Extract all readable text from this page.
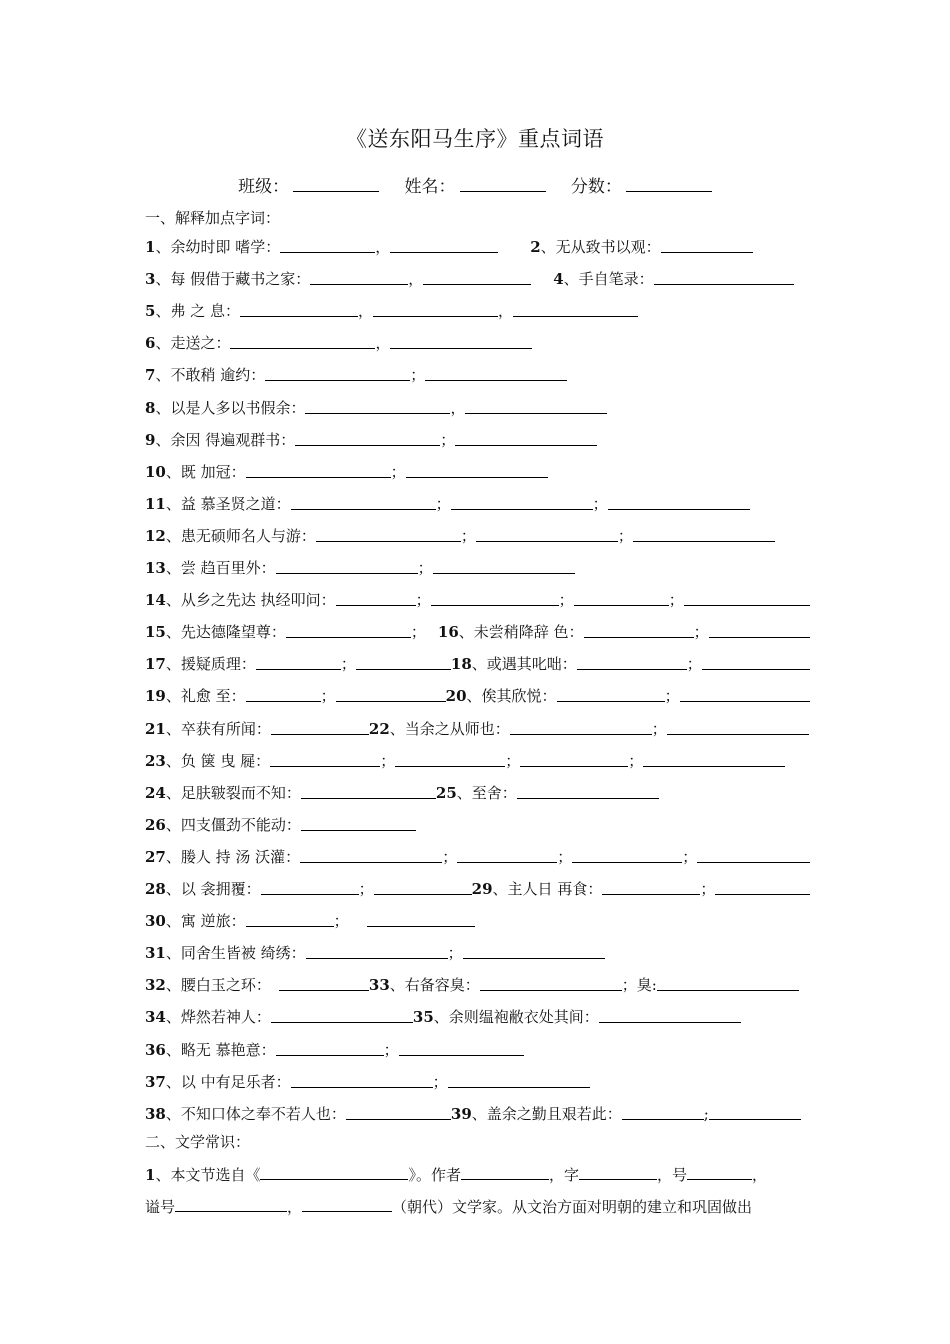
《送东阳马生序》重点词语
班级：	姓名：	分数：
一、解释加点字词：
1、余幼时即 嗜学：	，	2、无从致书以观：
3、每 假借于藏书之家：	，	4、手自笔录：
5、弗 之 息：	，	，
6、走送之：	，
7、不敢稍 逾约：	；
8、以是人多以书假余：	，
9、余因 得遍观群书：	；
10、既 加冠：	；
11、益 慕圣贤之道：	；	；
12、患无硕师名人与游：	；	；
13、尝 趋百里外：	；
14、从乡之先达 执经叩问：	；	；	；
15、先达德隆望尊：	； 16、未尝稍降辞 色：	；
17、援疑质理：	；	18、或遇其叱咄：	；
19、礼愈 至：	；	20、俟其欣悦：	；
21、卒获有所闻：	22、当余之从师也：	；
23、负 箧 曳 屣：	；	；	；
24、足肤皲裂而不知：	25、至舍：
26、四支僵劲不能动：
27、媵人 持 汤 沃灌：	；	；	；
28、以 衾拥覆：	；	29、主人日 再食：	；
30、寓 逆旅：	；
31、同舍生皆被 绮绣：	；
32、腰白玉之环：	33、右备容臭：	；臭:
34、烨然若神人：	35、余则缊袍敝衣处其间：
36、略无 慕艳意：	；
37、以 中有足乐者：	；
38、不知口体之奉不若人也：	39、盖余之勤且艰若此：	;
二、文学常识：
1、本文节选自《	》。作者	，字	，号	，
谥号	，	（朝代）文学家。从文治方面对明朝的建立和巩固做出
